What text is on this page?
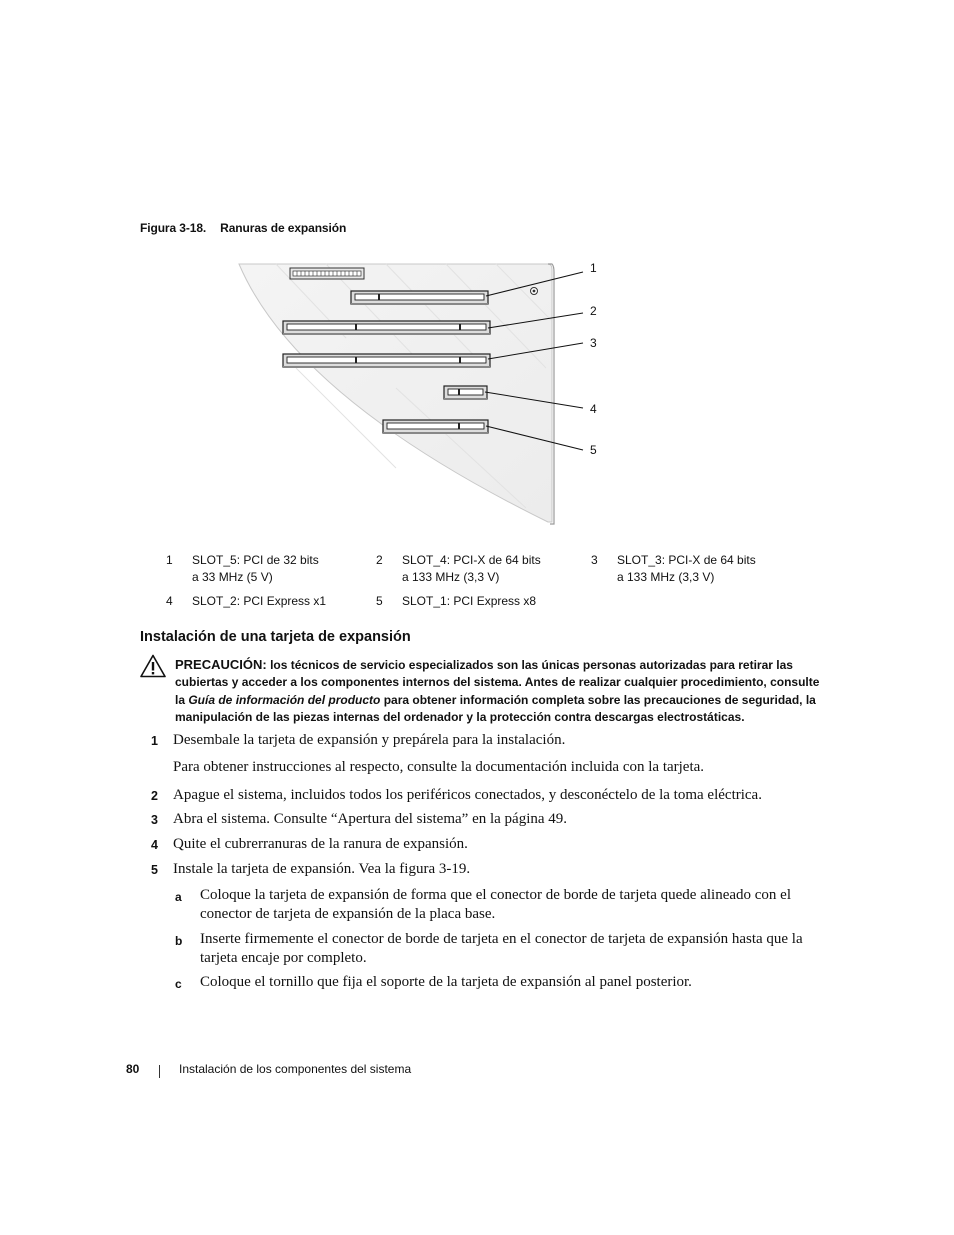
Figura 3-18. Ranuras de expansión
1
2
3
4
5
1 SLOT_5: PCI de 32 bits
a 33 MHz (5 V)
2 SLOT_4: PCI-X de 64 bits
a 133 MHz (3,3 V)
3 SLOT_3: PCI-X de 64 bits
a 133 MHz (3,3 V)
4 SLOT_2: PCI Express x1	5 SLOT_1: PCI Express x8
Instalación de una tarjeta de expansión
PRECAUCIÓN: los técnicos de servicio especializados son las únicas personas autorizadas para retirar las cubiertas y acceder a los componentes internos del sistema. Antes de realizar cualquier procedimiento, consulte la Guía de información del producto para obtener información completa sobre las precauciones de seguridad, la manipulación de las piezas internas del ordenador y la protección contra descargas electrostáticas.
1 Desembale la tarjeta de expansión y prepárela para la instalación.
Para obtener instrucciones al respecto, consulte la documentación incluida con la tarjeta.
2 Apague el sistema, incluidos todos los periféricos conectados, y desconéctelo de la toma eléctrica.
3 Abra el sistema. Consulte “Apertura del sistema” en la página 49.
4 Quite el cubrerranuras de la ranura de expansión.
5 Instale la tarjeta de expansión. Vea la figura 3-19.
a Coloque la tarjeta de expansión de forma que el conector de borde de tarjeta quede alineado con el conector de tarjeta de expansión de la placa base.
b Inserte firmemente el conector de borde de tarjeta en el conector de tarjeta de expansión hasta que la tarjeta encaje por completo.
c Coloque el tornillo que fija el soporte de la tarjeta de expansión al panel posterior.
80	Instalación de los componentes del sistema
